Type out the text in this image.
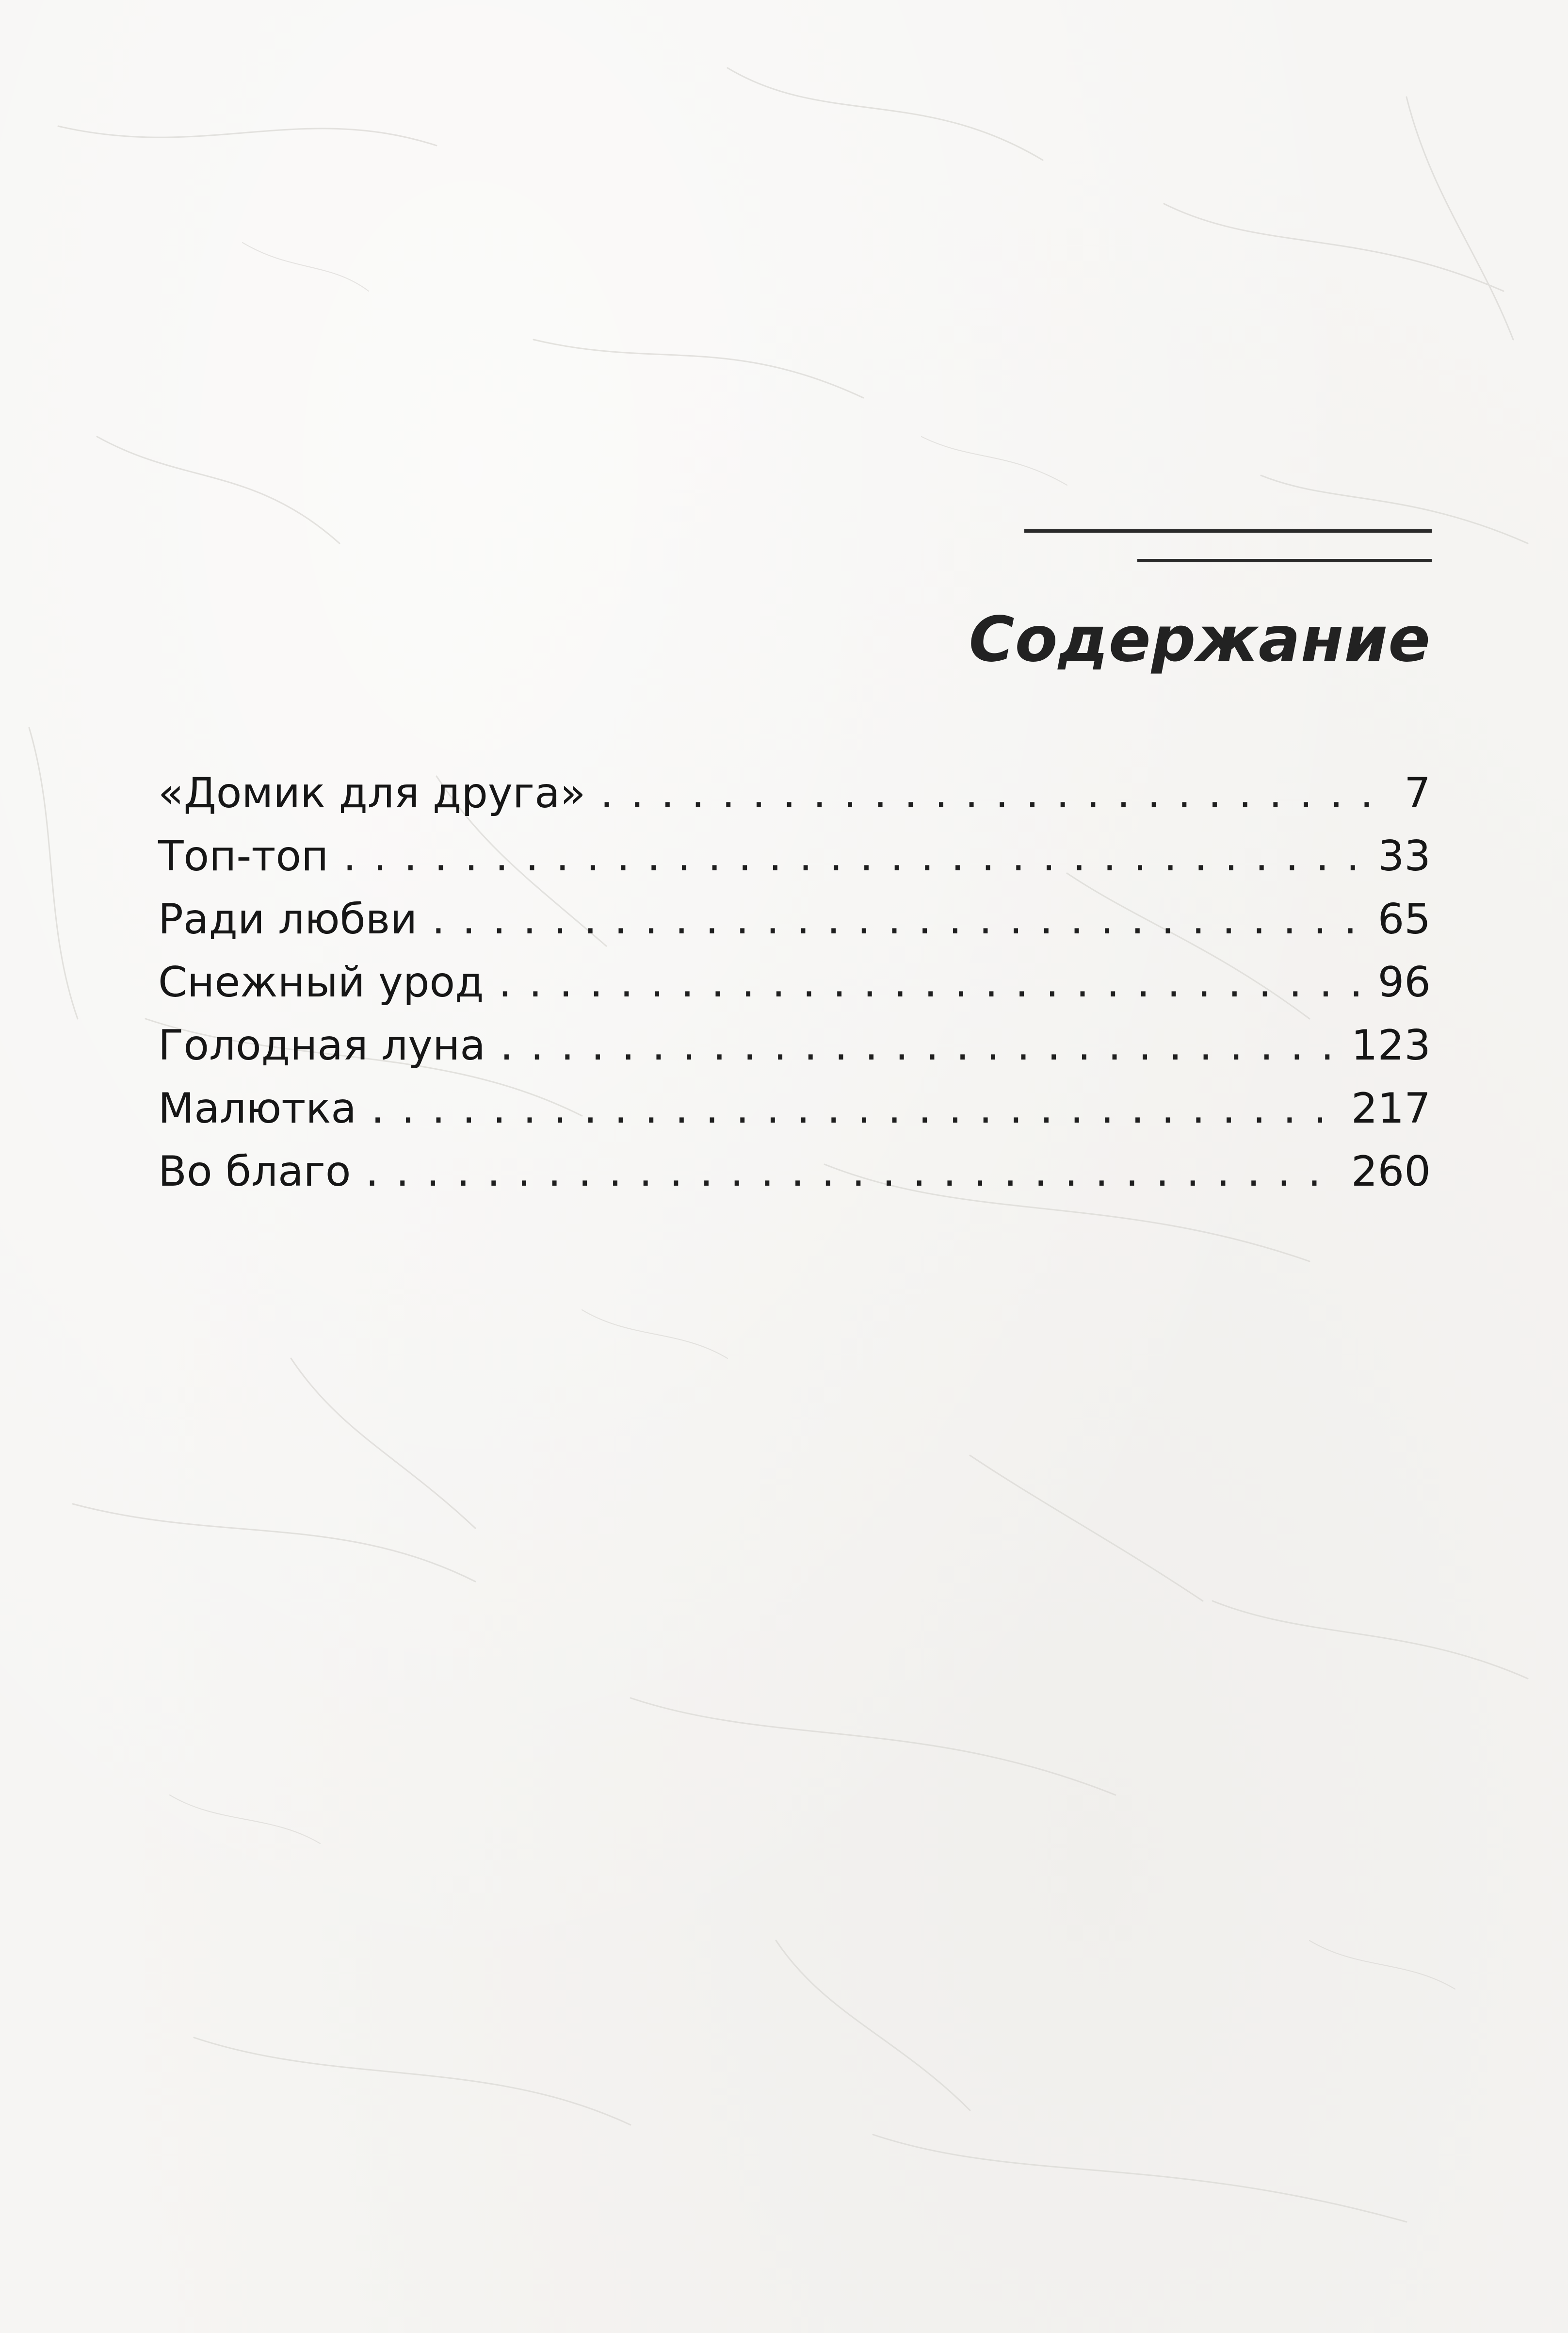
Содержание
«Домик для друга» . . .	7
Топ-топ . . .	33
Ради любви . . .	65
Снежный урод . . .	96
Голодная луна . . .	123
Малютка . . .	217
Во благо . . .	260
